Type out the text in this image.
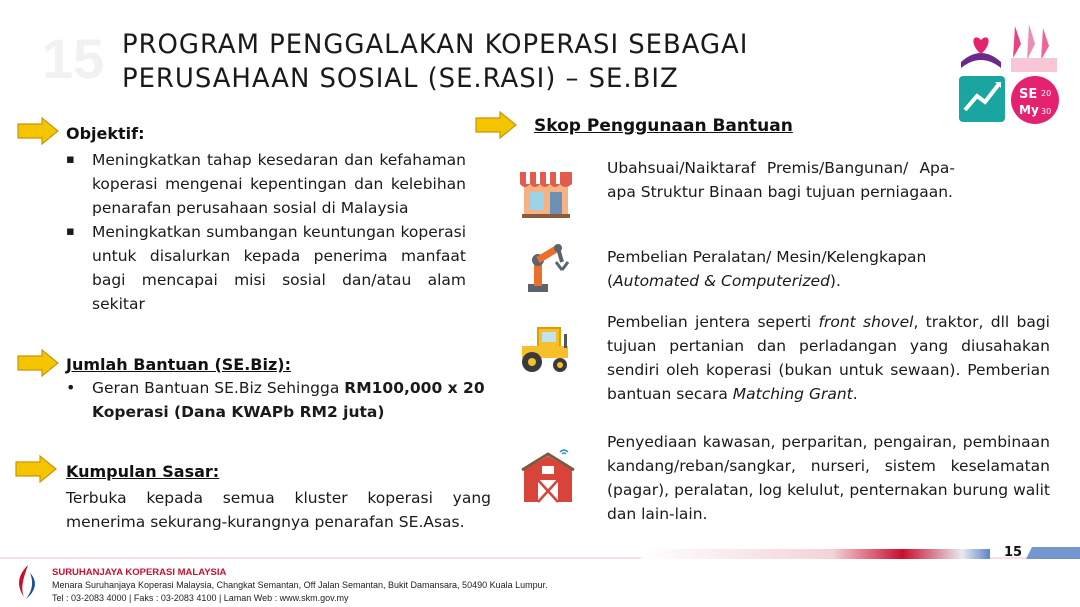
15 PROGRAM PENGGALAKAN KOPERASI SEBAGAI
PERUSAHAAN SOSIAL (SE.RASI) – SE.BIZ
SE 20
My 30
Objektif:
▪ Meningkatkan tahap kesedaran dan kefahaman koperasi mengenai kepentingan dan kelebihan penarafan perusahaan sosial di Malaysia
▪ Meningkatkan sumbangan keuntungan koperasi untuk disalurkan kepada penerima manfaat bagi mencapai misi sosial dan/atau alam sekitar
Jumlah Bantuan (SE.Biz):
• Geran Bantuan SE.Biz Sehingga RM100,000 x 20 Koperasi (Dana KWAPb RM2 juta)
Kumpulan Sasar:
Terbuka kepada semua kluster koperasi yang menerima sekurang-kurangnya penarafan SE.Asas.
Skop Penggunaan Bantuan
Ubahsuai/Naiktaraf Premis/Bangunan/ Apa-apa Struktur Binaan bagi tujuan perniagaan.
Pembelian Peralatan/ Mesin/Kelengkapan (Automated & Computerized).
Pembelian jentera seperti front shovel, traktor, dll bagi tujuan pertanian dan perladangan yang diusahakan sendiri oleh koperasi (bukan untuk sewaan). Pemberian bantuan secara Matching Grant.
Penyediaan kawasan, perparitan, pengairan, pembinaan kandang/reban/sangkar, nurseri, sistem keselamatan (pagar), peralatan, log kelulut, penternakan burung walit dan lain-lain.
15
SURUHANJAYA KOPERASI MALAYSIA
Menara Suruhanjaya Koperasi Malaysia, Changkat Semantan, Off Jalan Semantan, Bukit Damansara, 50490 Kuala Lumpur.
Tel : 03-2083 4000 | Faks : 03-2083 4100 | Laman Web : www.skm.gov.my
